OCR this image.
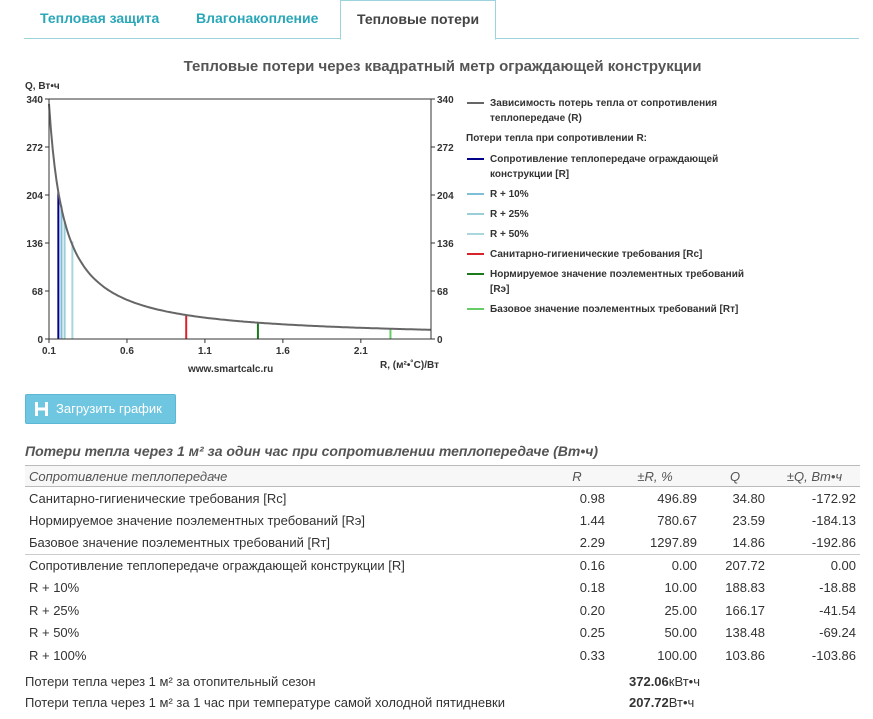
Тепловая защита	Влагонакопление	Тепловые потери
Тепловые потери через квадратный метр ограждающей конструкции
0	0
68	68
136	136
204	204
272	272
340	340
0.1	0.6	1.1	1.6	2.1
Q, Вт•ч
R, (м²•˚С)/Вт
www.smartcalc.ru
Зависимость потерь тепла от сопротивления теплопередаче (R)
Потери тепла при сопротивлении R:
Сопротивление теплопередаче ограждающей конструкции [R]
R + 10%
R + 25%
R + 50%
Санитарно-гигиенические требования [Rс]
Нормируемое значение поэлементных требований [Rэ]
Базовое значение поэлементных требований [Rт]
Загрузить график
Потери тепла через 1 м² за один час при сопротивлении теплопередаче (Вт•ч)
Сопротивление теплопередаче	R	±R, %	Q	±Q, Вт•ч
Санитарно-гигиенические требования [Rс]	0.98	496.89	34.80	-172.92
Нормируемое значение поэлементных требований [Rэ]	1.44	780.67	23.59	-184.13
Базовое значение поэлементных требований [Rт]	2.29	1297.89	14.86	-192.86
Сопротивление теплопередаче ограждающей конструкции [R]	0.16	0.00	207.72	0.00
R + 10%	0.18	10.00	188.83	-18.88
R + 25%	0.20	25.00	166.17	-41.54
R + 50%	0.25	50.00	138.48	-69.24
R + 100%	0.33	100.00	103.86	-103.86
Потери тепла через 1 м² за отопительный сезон	372.06кВт•ч
Потери тепла через 1 м² за 1 час при температуре самой холодной пятидневки	207.72Вт•ч
